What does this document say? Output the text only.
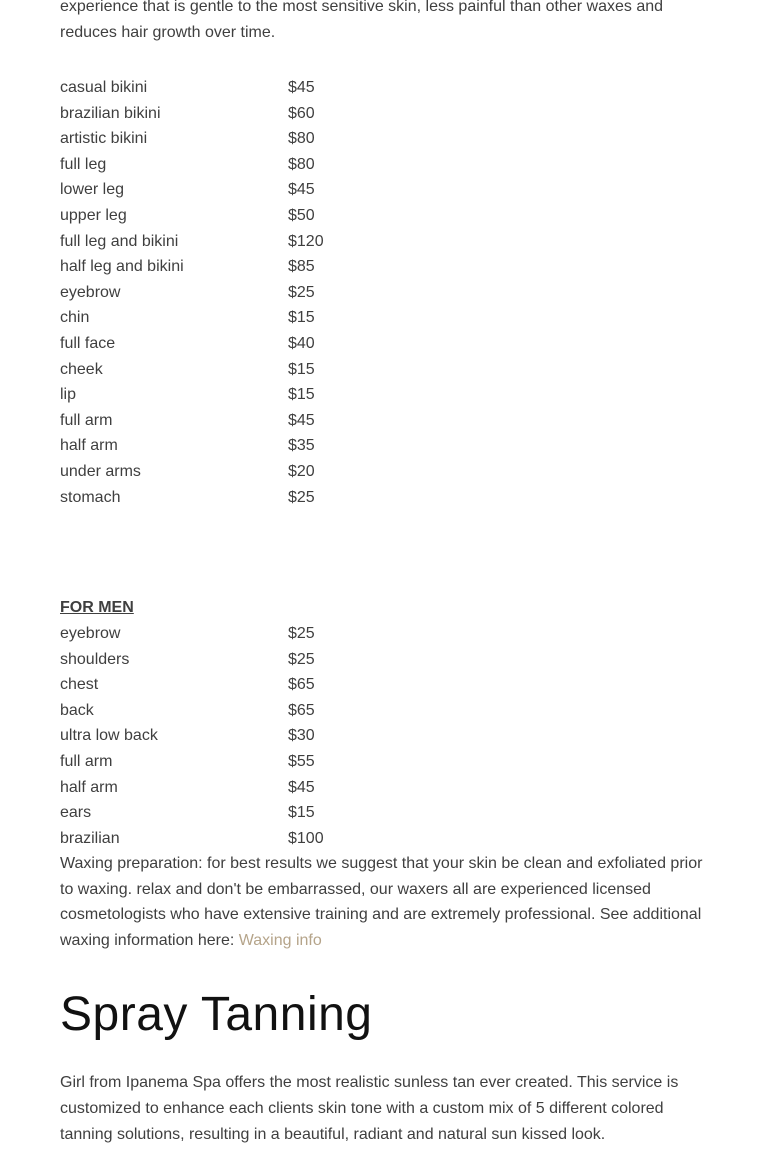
experience that is gentle to the most sensitive skin, less painful than other waxes and reduces hair growth over time.

casual bikini	$45
brazilian bikini	$60
artistic bikini	$80
full leg	$80
lower leg	$45
upper leg	$50
full leg and bikini	$120
half leg and bikini	$85
eyebrow	$25
chin	$15
full face	$40
cheek	$15
lip	$15
full arm	$45
half arm	$35
under arms	$20
stomach	$25
FOR MEN
eyebrow	$25
shoulders	$25
chest	$65
back	$65
ultra low back	$30
full arm	$55
half arm	$45
ears	$15
brazilian	$100

Waxing preparation: for best results we suggest that your skin be clean and exfoliated prior to waxing. relax and don't be embarrassed, our waxers all are experienced licensed cosmetologists who have extensive training and are extremely professional. See additional waxing information here: Waxing info

Spray Tanning

Girl from Ipanema Spa offers the most realistic sunless tan ever created. This service is customized to enhance each clients skin tone with a custom mix of 5 different colored tanning solutions, resulting in a beautiful, radiant and natural sun kissed look.
